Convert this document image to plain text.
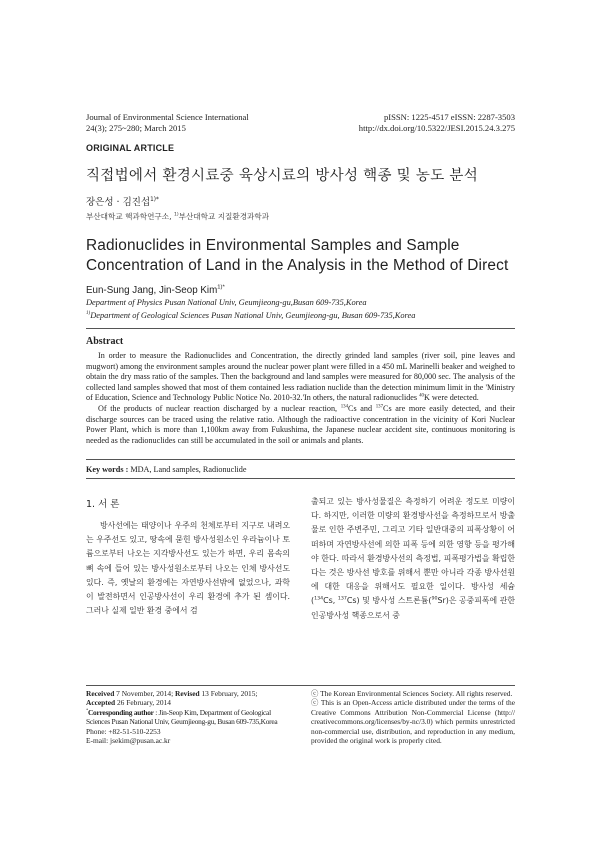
Journal of Environmental Science International
24(3); 275~280; March 2015
pISSN: 1225-4517 eISSN: 2287-3503
http://dx.doi.org/10.5322/JESI.2015.24.3.275
ORIGINAL ARTICLE
직접법에서 환경시료중 육상시료의 방사성 핵종 및 농도 분석
장은성 · 김진섭$^{1)*}$
부산대학교 핵과학연구소, $^{1)}$부산대학교 지질환경과학과
Radionuclides in Environmental Samples and Sample
Concentration of Land in the Analysis in the Method of Direct
Eun-Sung Jang, Jin-Seop Kim$^{1)*}$
Department of Physics Pusan National Univ, Geumjieong-gu,Busan 609-735,Korea
$^{1)}$Department of Geological Sciences Pusan National Univ, Geumjieong-gu, Busan 609-735,Korea
Abstract

In order to measure the Radionuclides and Concentration, the directly grinded land samples (river soil, pine leaves and mugwort) among the environment samples around the nuclear power plant were filled in a 450 mL Marinelli beaker and weighed to obtain the dry mass ratio of the samples. Then the background and land samples were measured for 80,000 sec. The analysis of the collected land samples showed that most of them contained less radiation nuclide than the detection minimum limit in the 'Ministry of Education, Science and Technology Public Notice No. 2010-32.'In others, the natural radionuclides $^{40}$K were detected.

Of the products of nuclear reaction discharged by a nuclear reaction, $^{134}$Cs and $^{137}$Cs are more easily detected, and their discharge sources can be traced using the relative ratio. Although the radioactive concentration in the vicinity of Kori Nuclear Power Plant, which is more than 1,100km away from Fukushima, the Japanese nuclear accident site, continuous monitoring is needed as the radionuclides can still be accumulated in the soil or animals and plants.

Key words : MDA, Land samples, Radionuclide
1. 서 론

방사선에는 태양이나 우주의 천체로부터 지구로 내려오는 우주선도 있고, 땅속에 묻힌 방사성원소인 우라늄이나 토륨으로부터 나오는 지각방사선도 있는가 하면, 우리 몸속의 뼈 속에 들어 있는 방사성원소로부터 나오는 인체 방사선도 있다. 즉, 옛날의 환경에는 자연방사선밖에 없었으나, 과학이 발전하면서 인공방사선이 우리 환경에 추가 된 셈이다. 그러나 실제 일반 환경 중에서 검

출되고 있는 방사성물질은 측정하기 어려운 정도로 미량이다. 하지만, 이러한 미량의 환경방사선을 측정하므로서 방출 물로 인한 주변주민, 그리고 기타 일반대중의 피폭상황이 어떠하며 자연방사선에 의한 피폭 등에 의한 영향 등을 평가해야 한다. 따라서 환경방사선의 측정법, 피폭평가법을 확립한다는 것은 방사선 방호를 위해서 뿐만 아니라 각종 방사선원에 대한 대응을 위해서도 필요한 일이다. 방사성 세슘($^{134}$Cs, $^{137}$Cs) 및 방사성 스트론튬($^{90}$Sr)은 공중피폭에 관한 인공방사성 핵종으로서 중
Received 7 November, 2014; Revised 13 February, 2015;
Accepted 26 February, 2014
*Corresponding author : Jin-Seop Kim, Department of Geological Sciences Pusan National Univ, Geumjieong-gu, Busan 609-735,Korea
Phone: +82-51-510-2253
E-mail: jsekim@pusan.ac.kr
ⓒ The Korean Environmental Sciences Society. All rights reserved.
ⓒ This is an Open-Access article distributed under the terms of the Creative Commons Attribution Non-Commercial License (http:// creativecommons.org/licenses/by-nc/3.0) which permits unrestricted non-commercial use, distribution, and reproduction in any medium, provided the original work is properly cited.
